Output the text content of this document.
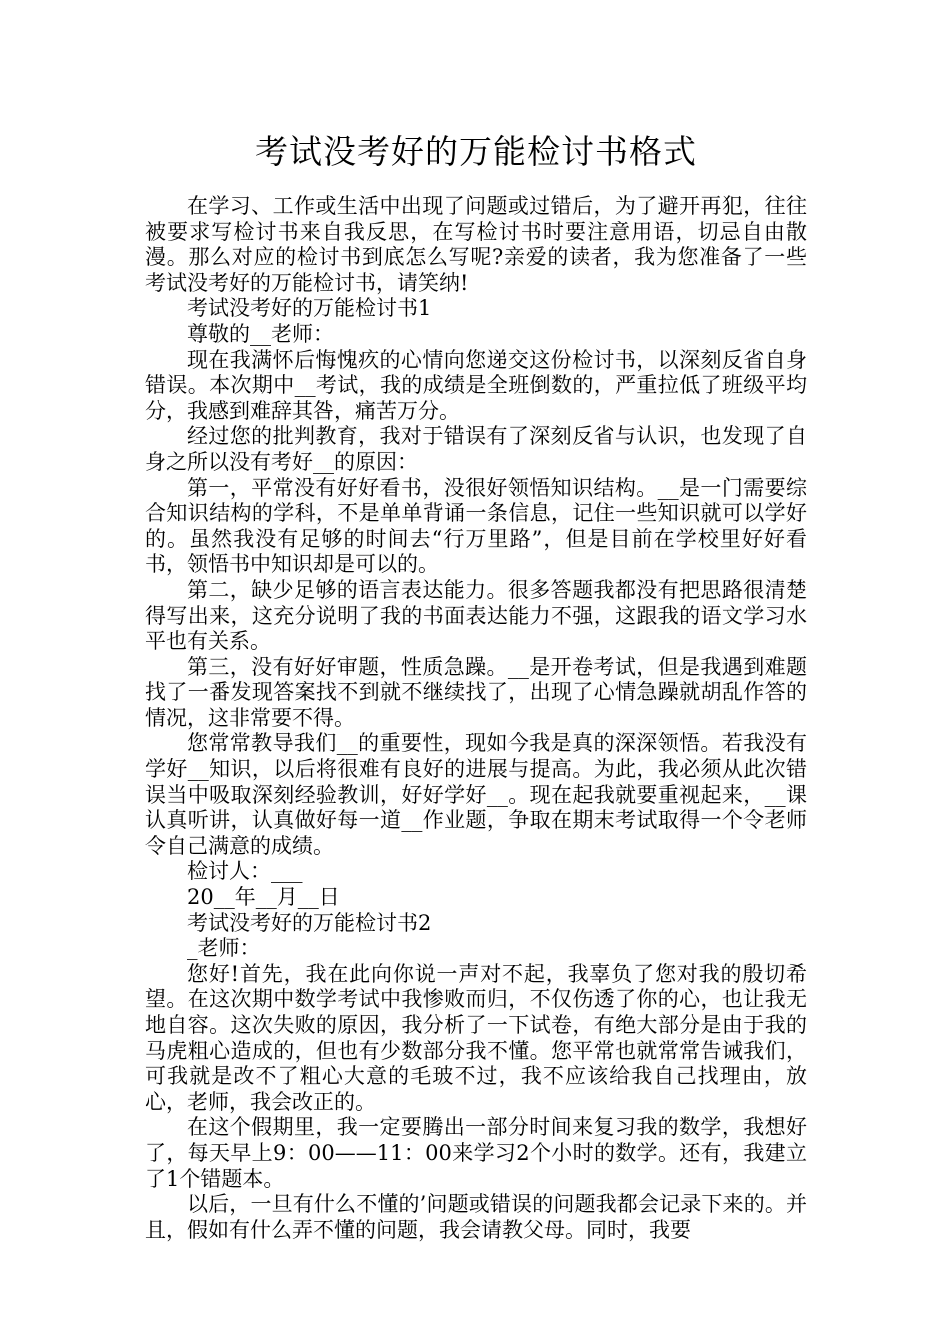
考试没考好的万能检讨书格式

在学习、工作或生活中出现了问题或过错后，为了避开再犯，往往被要求写检讨书来自我反思，在写检讨书时要注意用语，切忌自由散漫。那么对应的检讨书到底怎么写呢?亲爱的读者，我为您准备了一些考试没考好的万能检讨书，请笑纳!

考试没考好的万能检讨书1

尊敬的__老师：

现在我满怀后悔愧疚的心情向您递交这份检讨书，以深刻反省自身错误。本次期中__考试，我的成绩是全班倒数的，严重拉低了班级平均分，我感到难辞其咎，痛苦万分。

经过您的批判教育，我对于错误有了深刻反省与认识，也发现了自身之所以没有考好__的原因：

第一，平常没有好好看书，没很好领悟知识结构。__是一门需要综合知识结构的学科，不是单单背诵一条信息，记住一些知识就可以学好的。虽然我没有足够的时间去“行万里路”，但是目前在学校里好好看书，领悟书中知识却是可以的。

第二，缺少足够的语言表达能力。很多答题我都没有把思路很清楚得写出来，这充分说明了我的书面表达能力不强，这跟我的语文学习水平也有关系。

第三，没有好好审题，性质急躁。__是开卷考试，但是我遇到难题找了一番发现答案找不到就不继续找了，出现了心情急躁就胡乱作答的情况，这非常要不得。

您常常教导我们__的重要性，现如今我是真的深深领悟。若我没有学好__知识，以后将很难有良好的进展与提高。为此，我必须从此次错误当中吸取深刻经验教训，好好学好__。现在起我就要重视起来，__课认真听讲，认真做好每一道__作业题，争取在期末考试取得一个令老师令自己满意的成绩。

检讨人：___

20__年__月__日

考试没考好的万能检讨书2

_老师：

您好!首先，我在此向你说一声对不起，我辜负了您对我的殷切希望。在这次期中数学考试中我惨败而归，不仅伤透了你的心，也让我无地自容。这次失败的原因，我分析了一下试卷，有绝大部分是由于我的马虎粗心造成的，但也有少数部分我不懂。您平常也就常常告诫我们，可我就是改不了粗心大意的毛玻不过，我不应该给我自己找理由，放心，老师，我会改正的。

在这个假期里，我一定要腾出一部分时间来复习我的数学，我想好了，每天早上9：00——11：00来学习2个小时的数学。还有，我建立了1个错题本。

以后，一旦有什么不懂的’问题或错误的问题我都会记录下来的。并且，假如有什么弄不懂的问题，我会请教父母。同时，我要
